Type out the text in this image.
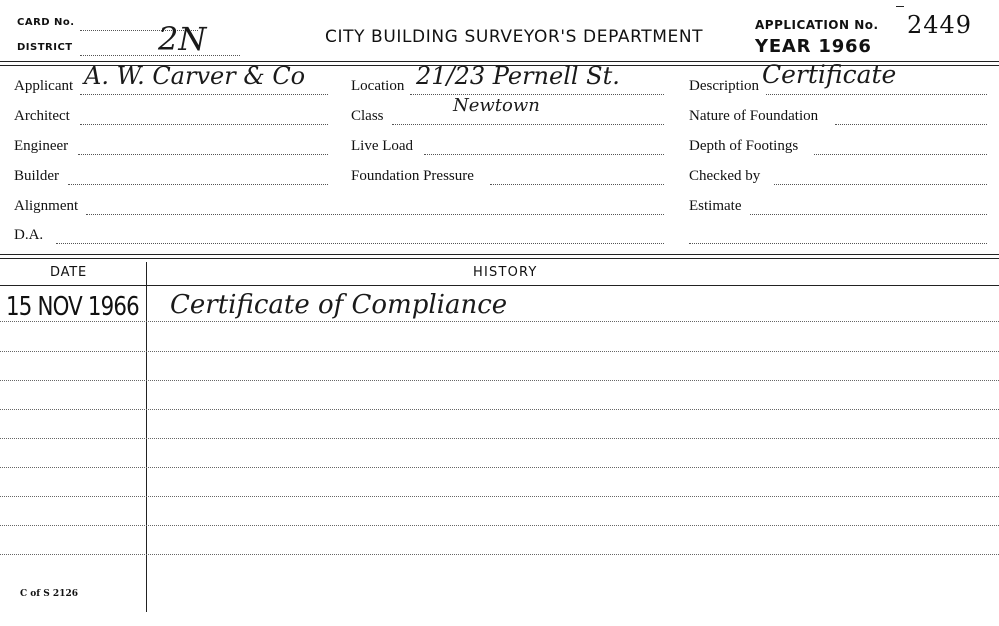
CARD No.
DISTRICT	2N	CITY BUILDING SURVEYOR'S DEPARTMENT
APPLICATION No. 2449
YEAR 1966
Applicant A. W. Carver & Co
Architect
Engineer
Builder
Alignment
D.A.
Location 21/23 Pernell St.
Class	Newtown
Live Load
Foundation Pressure
Description Certificate
Nature of Foundation
Depth of Footings
Checked by
Estimate
DATE	HISTORY
15 NOV 1966 Certificate of Compliance
C of S 2126
